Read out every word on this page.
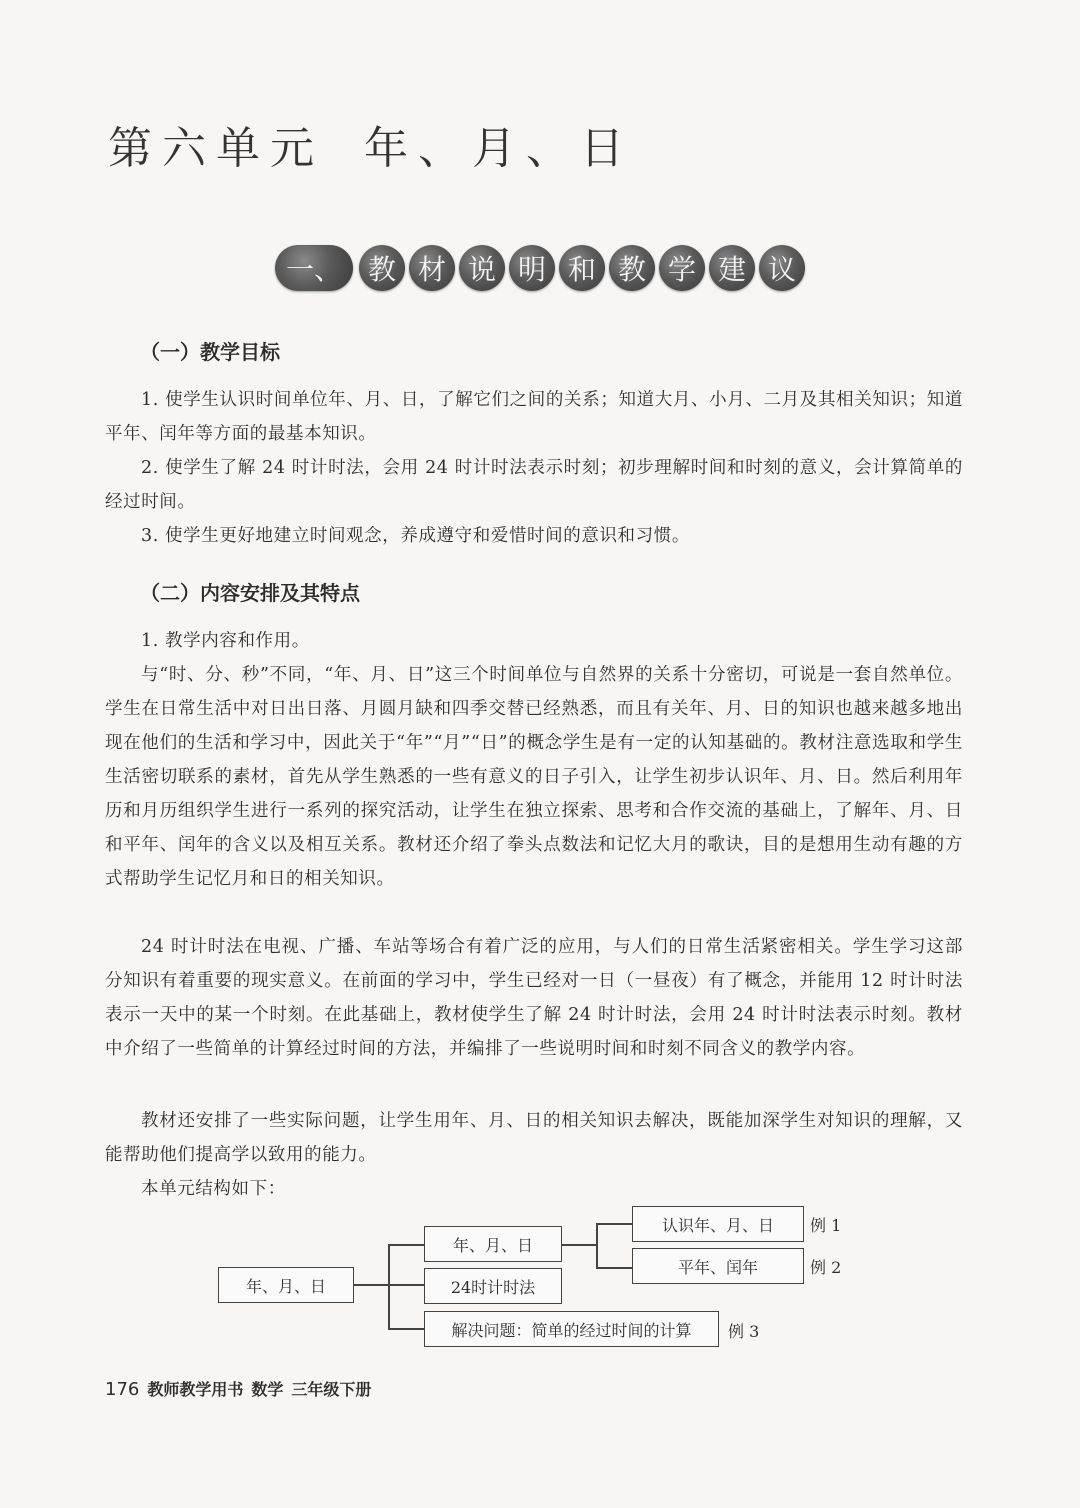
第六单元 年、月、日
一、 教 材 说 明 和 教 学 建 议
（一）教学目标
1. 使学生认识时间单位年、月、日，了解它们之间的关系；知道大月、小月、二月及其相关知识；知道平年、闰年等方面的最基本知识。
2. 使学生了解 24 时计时法，会用 24 时计时法表示时刻；初步理解时间和时刻的意义，会计算简单的经过时间。
3. 使学生更好地建立时间观念，养成遵守和爱惜时间的意识和习惯。
（二）内容安排及其特点
1. 教学内容和作用。
与“时、分、秒”不同，“年、月、日”这三个时间单位与自然界的关系十分密切，可说是一套自然单位。学生在日常生活中对日出日落、月圆月缺和四季交替已经熟悉，而且有关年、月、日的知识也越来越多地出现在他们的生活和学习中，因此关于“年”“月”“日”的概念学生是有一定的认知基础的。教材注意选取和学生生活密切联系的素材，首先从学生熟悉的一些有意义的日子引入，让学生初步认识年、月、日。然后利用年历和月历组织学生进行一系列的探究活动，让学生在独立探索、思考和合作交流的基础上，了解年、月、日和平年、闰年的含义以及相互关系。教材还介绍了拳头点数法和记忆大月的歌诀，目的是想用生动有趣的方式帮助学生记忆月和日的相关知识。
24 时计时法在电视、广播、车站等场合有着广泛的应用，与人们的日常生活紧密相关。学生学习这部分知识有着重要的现实意义。在前面的学习中，学生已经对一日（一昼夜）有了概念，并能用 12 时计时法表示一天中的某一个时刻。在此基础上，教材使学生了解 24 时计时法，会用 24 时计时法表示时刻。教材中介绍了一些简单的计算经过时间的方法，并编排了一些说明时间和时刻不同含义的教学内容。
教材还安排了一些实际问题，让学生用年、月、日的相关知识去解决，既能加深学生对知识的理解，又能帮助他们提高学以致用的能力。
本单元结构如下：
年、月、日
年、月、日
24时计时法
解决问题：简单的经过时间的计算
认识年、月、日
平年、闰年
例 1
例 2
例 3
176 教师教学用书 数学 三年级下册
